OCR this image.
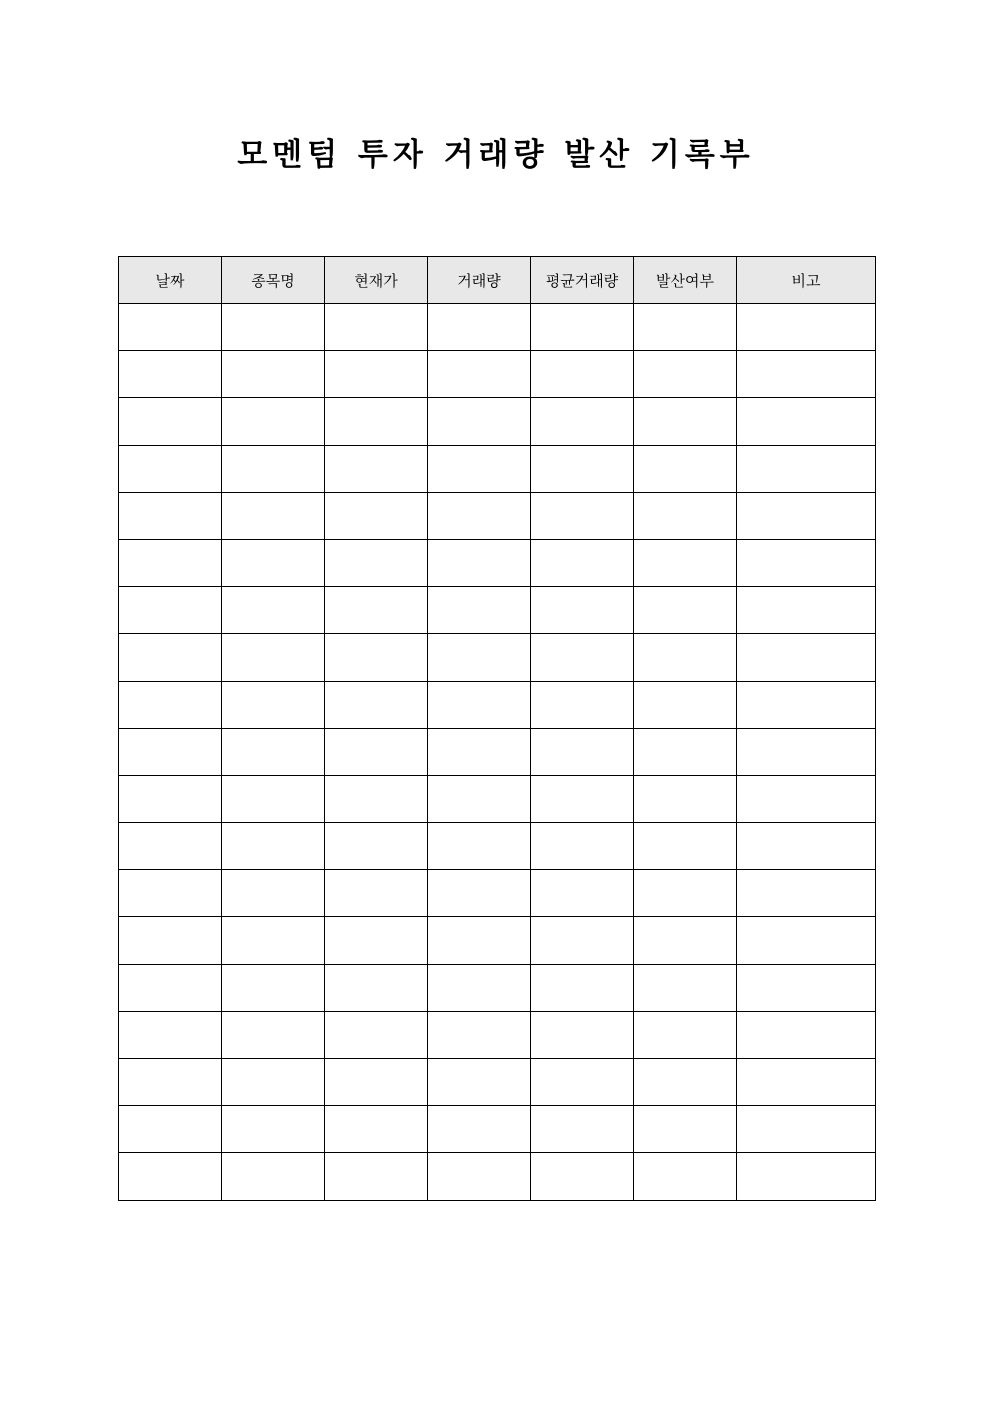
모멘텀 투자 거래량 발산 기록부
날짜	종목명	현재가	거래량	평균거래량	발산여부	비고
